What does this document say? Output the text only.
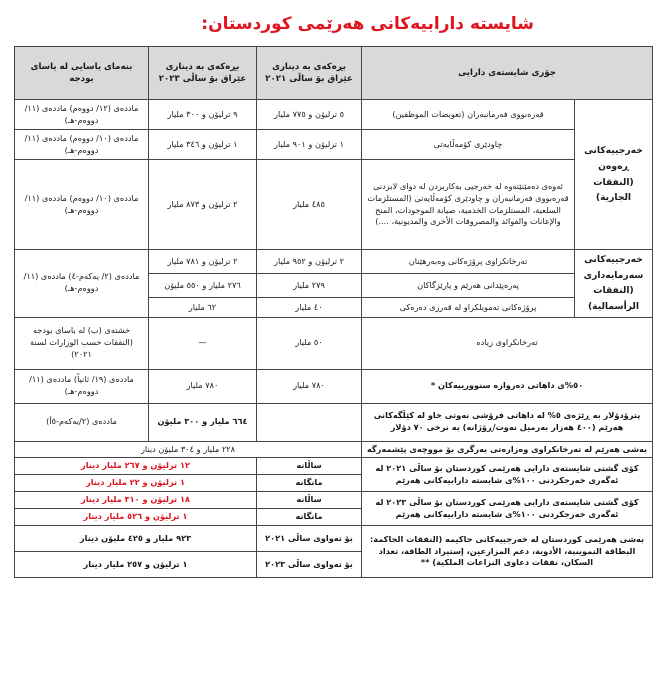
شایستە دارابیەکانی هەرێمی کوردستان:
جۆری شایستەی دارایی		بڕەکەی بە دیناری عێراق بۆ ساڵی ٢٠٢١	بڕەکەی بە دیناری عێراق بۆ ساڵی ٢٠٢٣	بنەمای یاسایی لە یاسای بودجە
خەرجییەکانی ڕەوەن (النفقات الجارية)	قەرەبووی فەرمانبەران (تعويضات الموظفين)	٥ ترلیۆن و ٧٧٥ ملیار	٩ ترلیۆن و ٣٠٠ ملیار	ماددەی (١٢/ دووەم) ماددەی (١١/ دووەم-هـ)
	چاودێری کۆمەڵایەتی	١ ترلیۆن و ٩٠١ ملیار	١ ترلیۆن و ٣٤٦ ملیار	ماددەی (١٠/ دووەم) ماددەی (١١/ دووەم-هـ)
	ئەوەی دەمێنێتەوە لە خەرجیی بەکاربردن لە دوای لابردنی قەرەبووی فەرمانبەران و چاودێری کۆمەڵایەتی (المستلزمات السلعية، المستلزمات الخدمية، صيانة الموجودات، المنح والإعانات والفوائد والمصروفات الأخرى والمديونية، ....)	٤٨٥ ملیار	٢ ترلیۆن و ٨٧٣ ملیار	ماددەی (١٠/ دووەم) ماددەی (١١/ دووەم-هـ)
خەرجییەکانی سەرمایەداری (النفقات الرأسمالية)	تەرخانکراوی پرۆژەکانی وەبەرهێنان	٢ ترلیۆن و ٩٥٢ ملیار	٢ ترلیۆن و ٧٨١ ملیار	ماددەی (٢/ یەکەم-٤) ماددەی (١١/ دووەم-هـ)
	پەرەپێدانی هەرێم و پارێزگاکان	٢٧٩ ملیار	٢٧٦ ملیار و ٥٥٠ ملیۆن	
	پرۆژەکانی تەمویلکراو لە قەرزی دەرەکی	٤٠ ملیار	٦٢ ملیار	
تەرخانکراوی زیادە		٥٠ ملیار	—	خشتەی (ب) لە یاسای بودجە (النفقات حسب الوزارات لسنة ٢٠٢١)
٥٠%ی داهاتی دەروازە سنوورییەکان *		٧٨٠ ملیار	٧٨٠ ملیار	ماددەی (١٩/ ثانياً) ماددەی (١١/ دووەم-هـ)
پترۆدۆلار بە ڕێژەی ٥% لە داهاتی فرۆشی نەوتی خاو لە کێڵگەکانی هەرێم (٤٠٠ هەزار بەرمیل نەوت/ڕۆژانە) بە نرخی ٧٠ دۆلار			٦٦٤ ملیار و ٣٠٠ ملیۆن	ماددەی (٢/یەکەم-٥أ)
بەشی هەرێم لە تەرخانکراوی وەزارەتی بەرگری بۆ مووچەی پێشمەرگە		٢٢٨ ملیار و ٣٠٤ ملیۆن دینار		
کۆی گشتی شایستەی دارایی هەرێمی کوردستان بۆ ساڵی ٢٠٢١ لە ئەگەری خەرجکردنی ١٠٠%ی شایستە دارابیەکانی هەرێم		ساڵانە	١٢ ترلیۆن و ٢٦٧ ملیار دینار	
		مانگانە	١ ترلیۆن و ٢٢ ملیار دینار	
کۆی گشتی شایستەی دارایی هەرێمی کوردستان بۆ ساڵی ٢٠٢٣ لە ئەگەری خەرجکردنی ١٠٠%ی شایستە دارابیەکانی هەرێم		ساڵانە	١٨ ترلیۆن و ٣١٠ ملیار دینار	
		مانگانە	١ ترلیۆن و ٥٢٦ ملیار دینار	
بەشی هەرێمی کوردستان لە خەرجییەکانی حاکیمە (النفقات الحاكمة: البطاقة التموينية، الأدوية، دعم المزارعين، إستيراد الطاقة، تعداد السكان، نفقات دعاوى النزاعات الملكية) **		بۆ تەواوی ساڵی ٢٠٢١	٩٢٣ ملیار و ٤٢٥ ملیۆن دینار	
		بۆ تەواوی ساڵی ٢٠٢٣	١ ترلیۆن و ٢٥٧ ملیار دینار	
